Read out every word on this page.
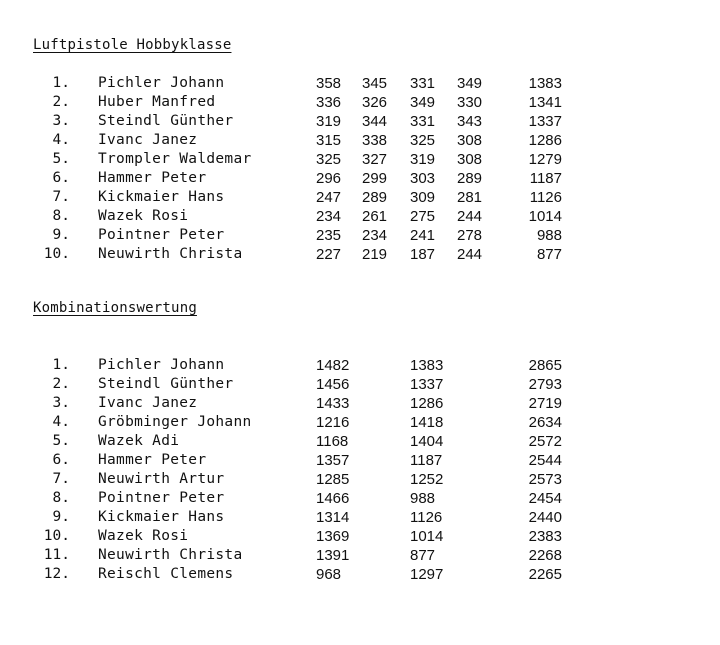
Luftpistole Hobbyklasse
1. Pichler Johann	358 345 331 349	1383
2. Huber Manfred	336 326 349 330	1341
3. Steindl Günther	319 344 331 343	1337
4. Ivanc Janez	315 338 325 308	1286
5. Trompler Waldemar	325 327 319 308	1279
6. Hammer Peter	296 299 303 289	1187
7. Kickmaier Hans	247 289 309 281	1126
8. Wazek Rosi	234 261 275 244	1014
9. Pointner Peter	235 234 241 278	988
10. Neuwirth Christa	227 219 187 244	877
Kombinationswertung
1. Pichler Johann	1482	1383	2865
2. Steindl Günther	1456	1337	2793
3. Ivanc Janez	1433	1286	2719
4. Gröbminger Johann	1216	1418	2634
5. Wazek Adi	1168	1404	2572
6. Hammer Peter	1357	1187	2544
7. Neuwirth Artur	1285	1252	2573
8. Pointner Peter	1466	988	2454
9. Kickmaier Hans	1314	1126	2440
10. Wazek Rosi	1369	1014	2383
11. Neuwirth Christa	1391	877	2268
12. Reischl Clemens	968	1297	2265
